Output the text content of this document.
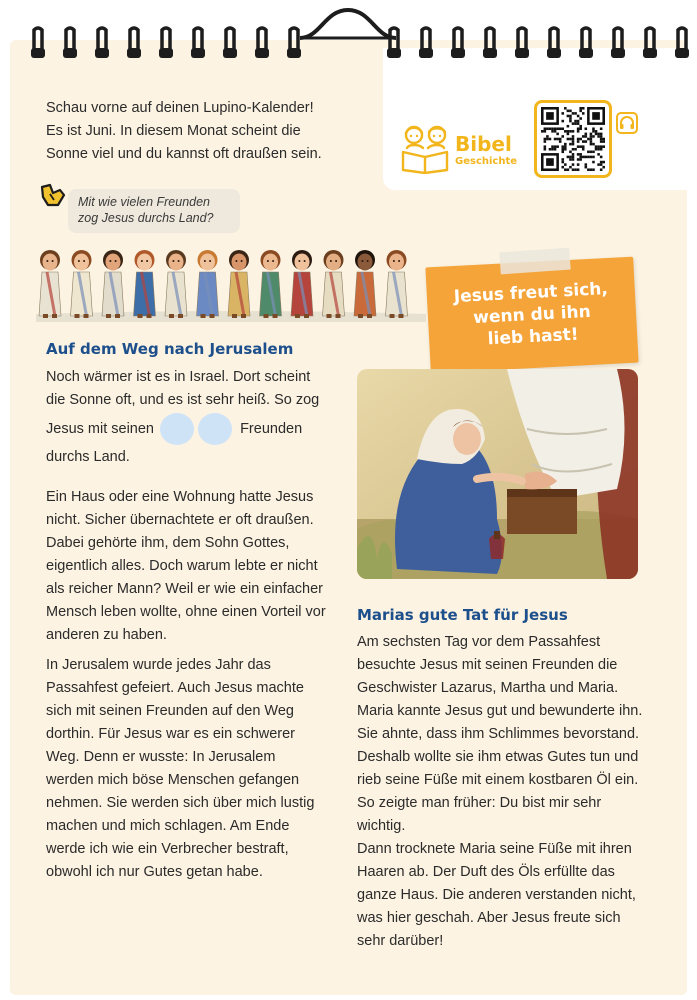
Bibel
Geschichte
Schau vorne auf deinen Lupino-Kalender!
Es ist Juni. In diesem Monat scheint die
Sonne viel und du kannst oft draußen sein.
Mit wie vielen Freunden
zog Jesus durchs Land?
Auf dem Weg nach Jerusalem
Noch wärmer ist es in Israel. Dort scheint
die Sonne oft, und es ist sehr heiß. So zog
Jesus mit seinen	Freunden
durchs Land.
Ein Haus oder eine Wohnung hatte Jesus
nicht. Sicher übernachtete er oft draußen.
Dabei gehörte ihm, dem Sohn Gottes,
eigentlich alles. Doch warum lebte er nicht
als reicher Mann? Weil er wie ein einfacher
Mensch leben wollte, ohne einen Vorteil vor
anderen zu haben.
In Jerusalem wurde jedes Jahr das
Passahfest gefeiert. Auch Jesus machte
sich mit seinen Freunden auf den Weg
dorthin. Für Jesus war es ein schwerer
Weg. Denn er wusste: In Jerusalem
werden mich böse Menschen gefangen
nehmen. Sie werden sich über mich lustig
machen und mich schlagen. Am Ende
werde ich wie ein Verbrecher bestraft,
obwohl ich nur Gutes getan habe.
Jesus freut sich,
wenn du ihn
lieb hast!
Marias gute Tat für Jesus
Am sechsten Tag vor dem Passahfest
besuchte Jesus mit seinen Freunden die
Geschwister Lazarus, Martha und Maria.
Maria kannte Jesus gut und bewunderte ihn.
Sie ahnte, dass ihm Schlimmes bevorstand.
Deshalb wollte sie ihm etwas Gutes tun und
rieb seine Füße mit einem kostbaren Öl ein.
So zeigte man früher: Du bist mir sehr
wichtig.
Dann trocknete Maria seine Füße mit ihren
Haaren ab. Der Duft des Öls erfüllte das
ganze Haus. Die anderen verstanden nicht,
was hier geschah. Aber Jesus freute sich
sehr darüber!
